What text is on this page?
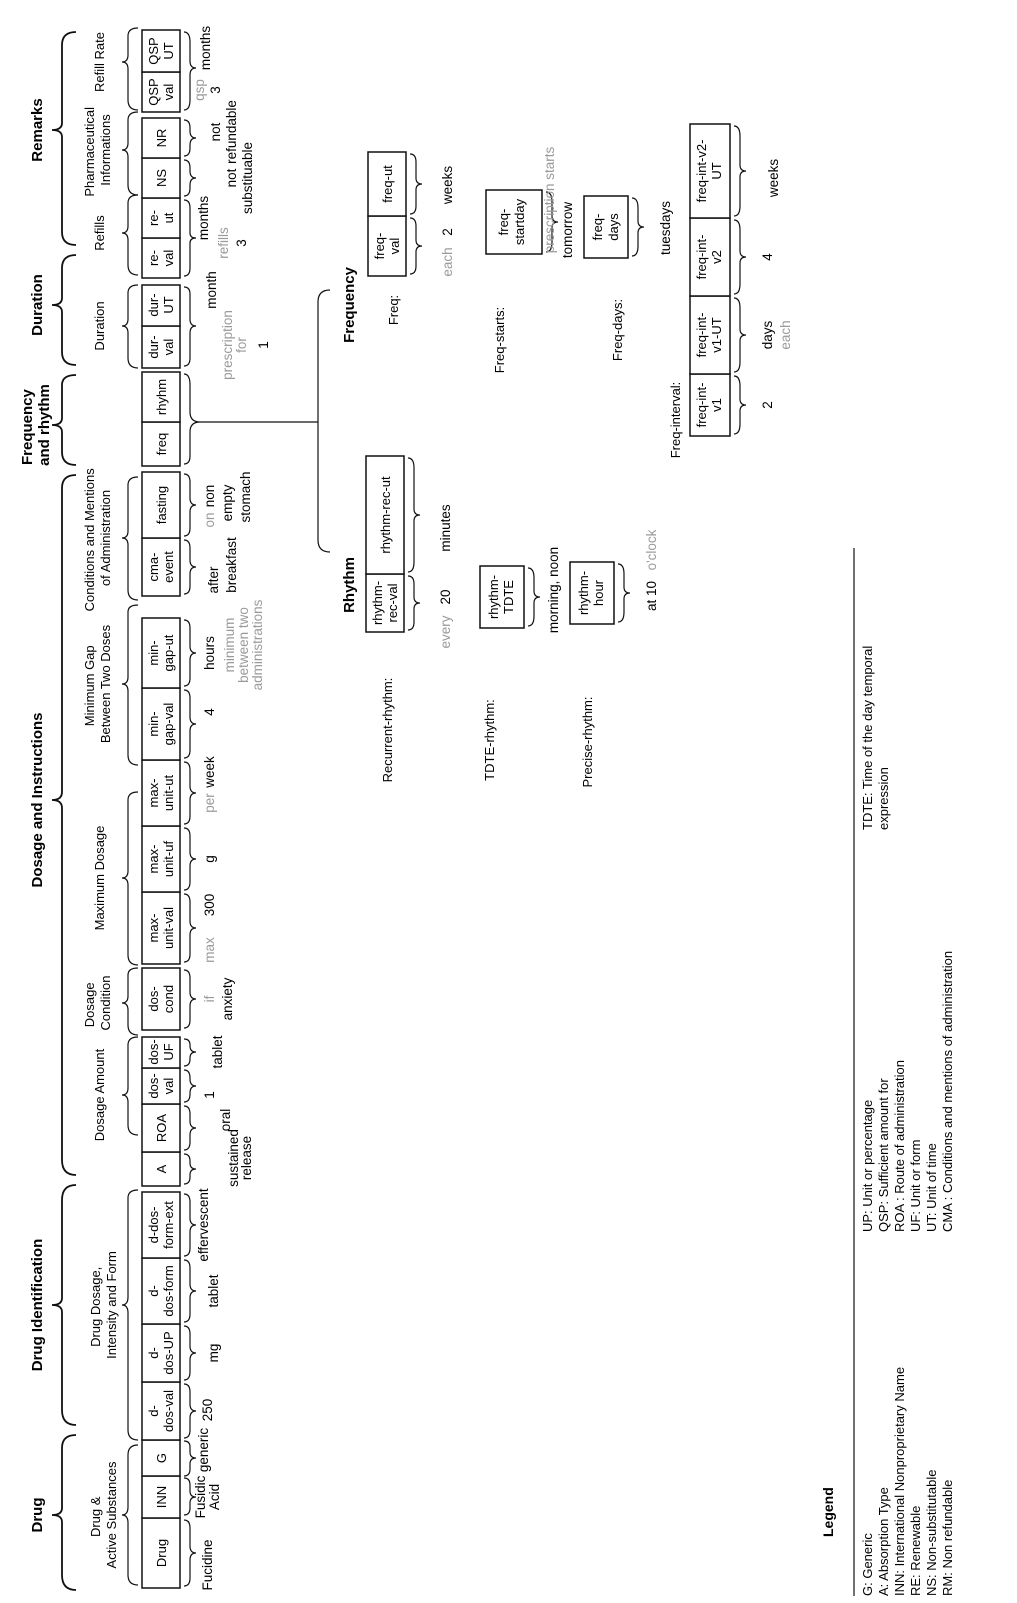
Drug
Drug Identification
Dosage and Instructions
Frequency and rhythm
Duration
Remarks
Drug & Active Substances
Drug Dosage, Intensity and Form
Dosage Amount
Dosage Condition
Maximum Dosage
Minimum Gap Between Two Doses
Conditions and Mentions of Administration
Duration
Refills
Pharmaceutical Informations
Refill Rate
Drug
INN
G
d-dos-val
d-dos-UP
d-dos-form
d-dos-form-ext
A
ROA
dos-val
dos-UF
dos-cond
max-unit-val
max-unit-uf
max-unit-ut
min-gap-val
min-gap-ut
cma-event
fasting
freq
rhyhm
dur-val
dur-UT
re-val
re-ut
NS
NR
QSPval
QSPUT
Fucidine
FusidicAcid
generic
250
mg
tablet
effervescent
sustainedrelease
oral
1
tablet
if anxiety
max
300
g
per
week
4
hours minimumbetween twoadministrations
after breakfast
on
non empty stomach
prescriptionfor 1
month
refills 3
months
notsubstituable
notrefundable
qsp 3
months
Frequency Freq:
freq-val
freq-ut
each
2
weeks
Freq-starts:
freq-startday prescription starts tomorrow
Freq-days:
freq-days	tuesdays
Freq-interval: freq-int-v1
freq-int-v1-UT
freq-int-v2
freq-int-v2-UT
2
days each
4
weeks
Rhythm
Recurrent-rhythm:
rhythm-rec-val
rhythm-rec-ut
every
20
minutes
TDTE-rhythm:
rhythm-TDTE morning, noon
Precise-rhythm:
rhythm-hour	at 10
o'clock
Legend
G: Generic A: Absorption Type INN: International Nonproprietary Name RE: Renewable NS: Non-substitutable RM: Non refundable
UP: Unit or percentage QSP: Sufficient amount for ROA : Route of administration UF: Unit or form UT: Unit of time CMA : Conditions and mentions of administration
TDTE: Time of the day temporal expression
